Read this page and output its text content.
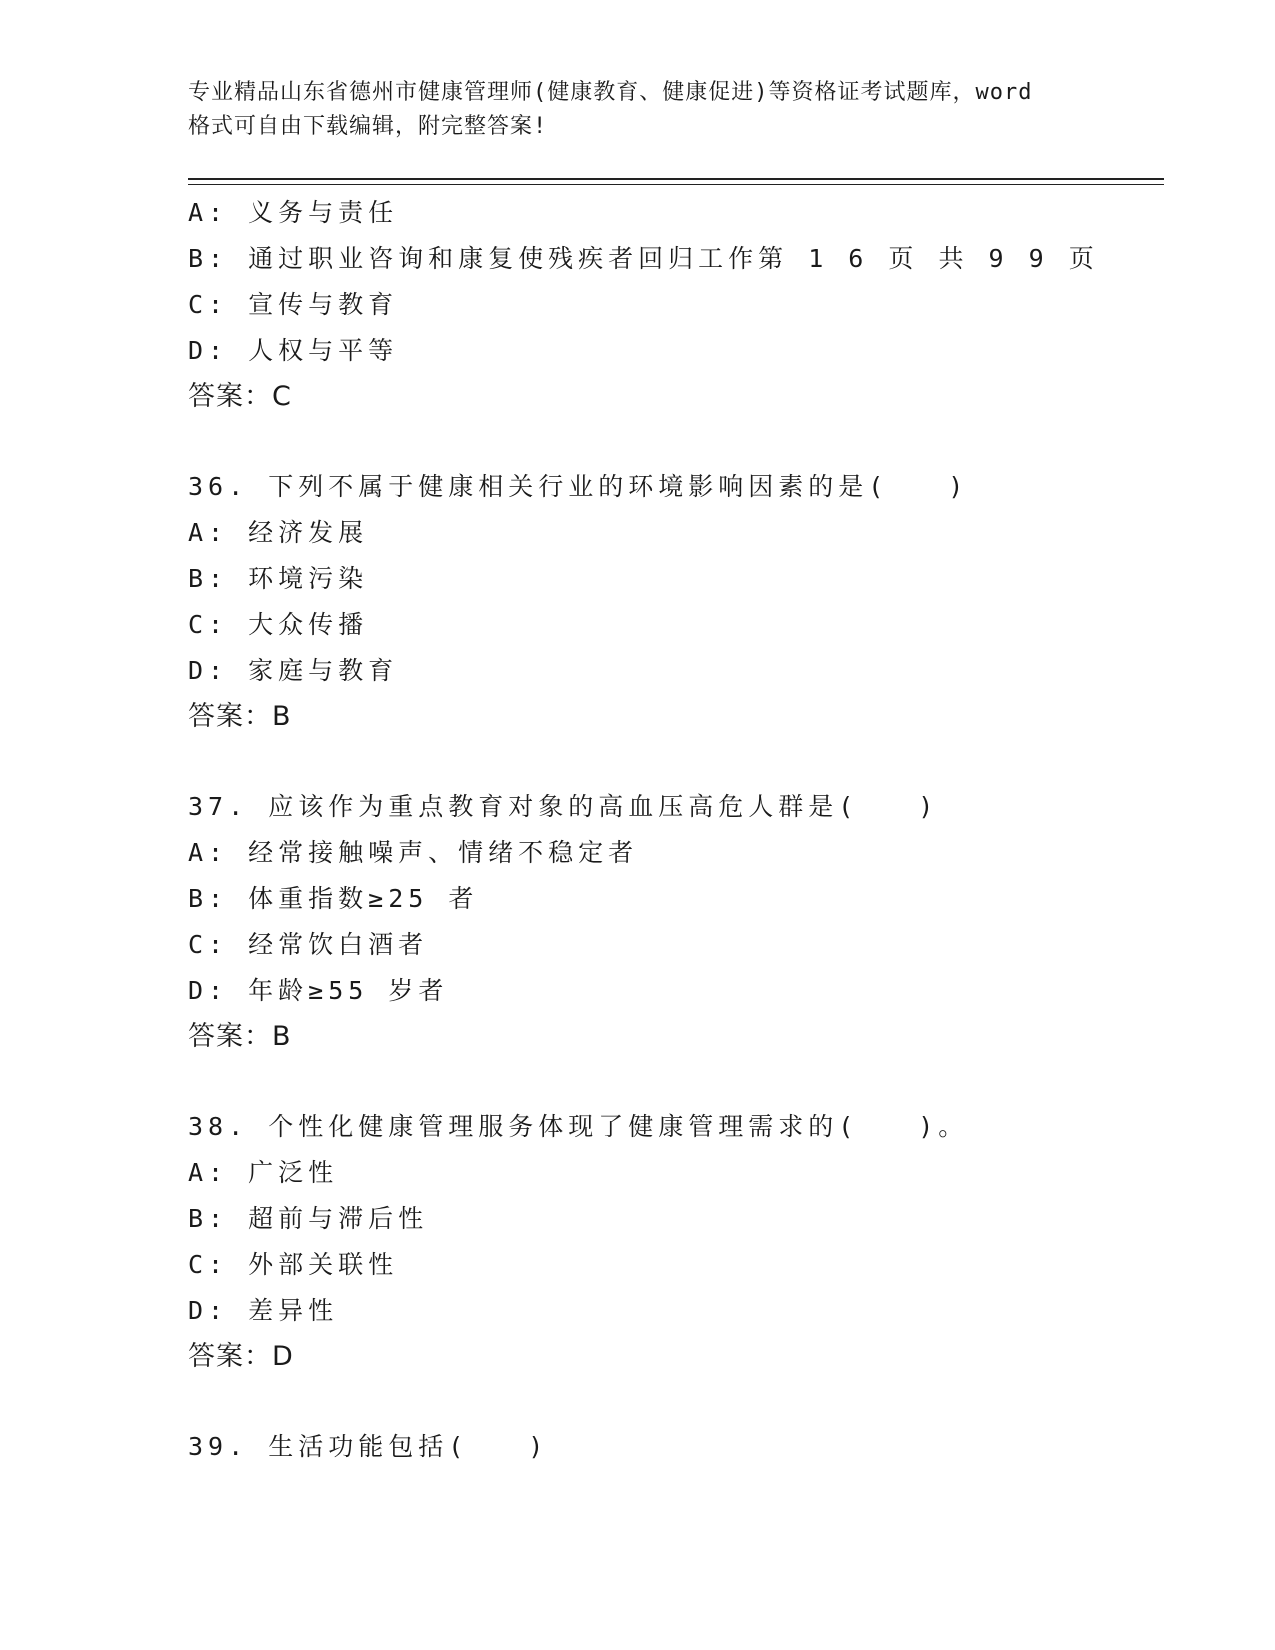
专业精品山东省德州市健康管理师(健康教育、健康促进)等资格证考试题库，word
格式可自由下载编辑，附完整答案!
A: 义务与责任
B: 通过职业咨询和康复使残疾者回归工作第 1 6 页 共 9 9 页
C: 宣传与教育
D: 人权与平等
答案：C
36. 下列不属于健康相关行业的环境影响因素的是(　　)
A: 经济发展
B: 环境污染
C: 大众传播
D: 家庭与教育
答案：B
37. 应该作为重点教育对象的高血压高危人群是(　　)
A: 经常接触噪声、情绪不稳定者
B: 体重指数≥25 者
C: 经常饮白酒者
D: 年龄≥55 岁者
答案：B
38. 个性化健康管理服务体现了健康管理需求的(　　)。
A: 广泛性
B: 超前与滞后性
C: 外部关联性
D: 差异性
答案：D
39. 生活功能包括(　　)
